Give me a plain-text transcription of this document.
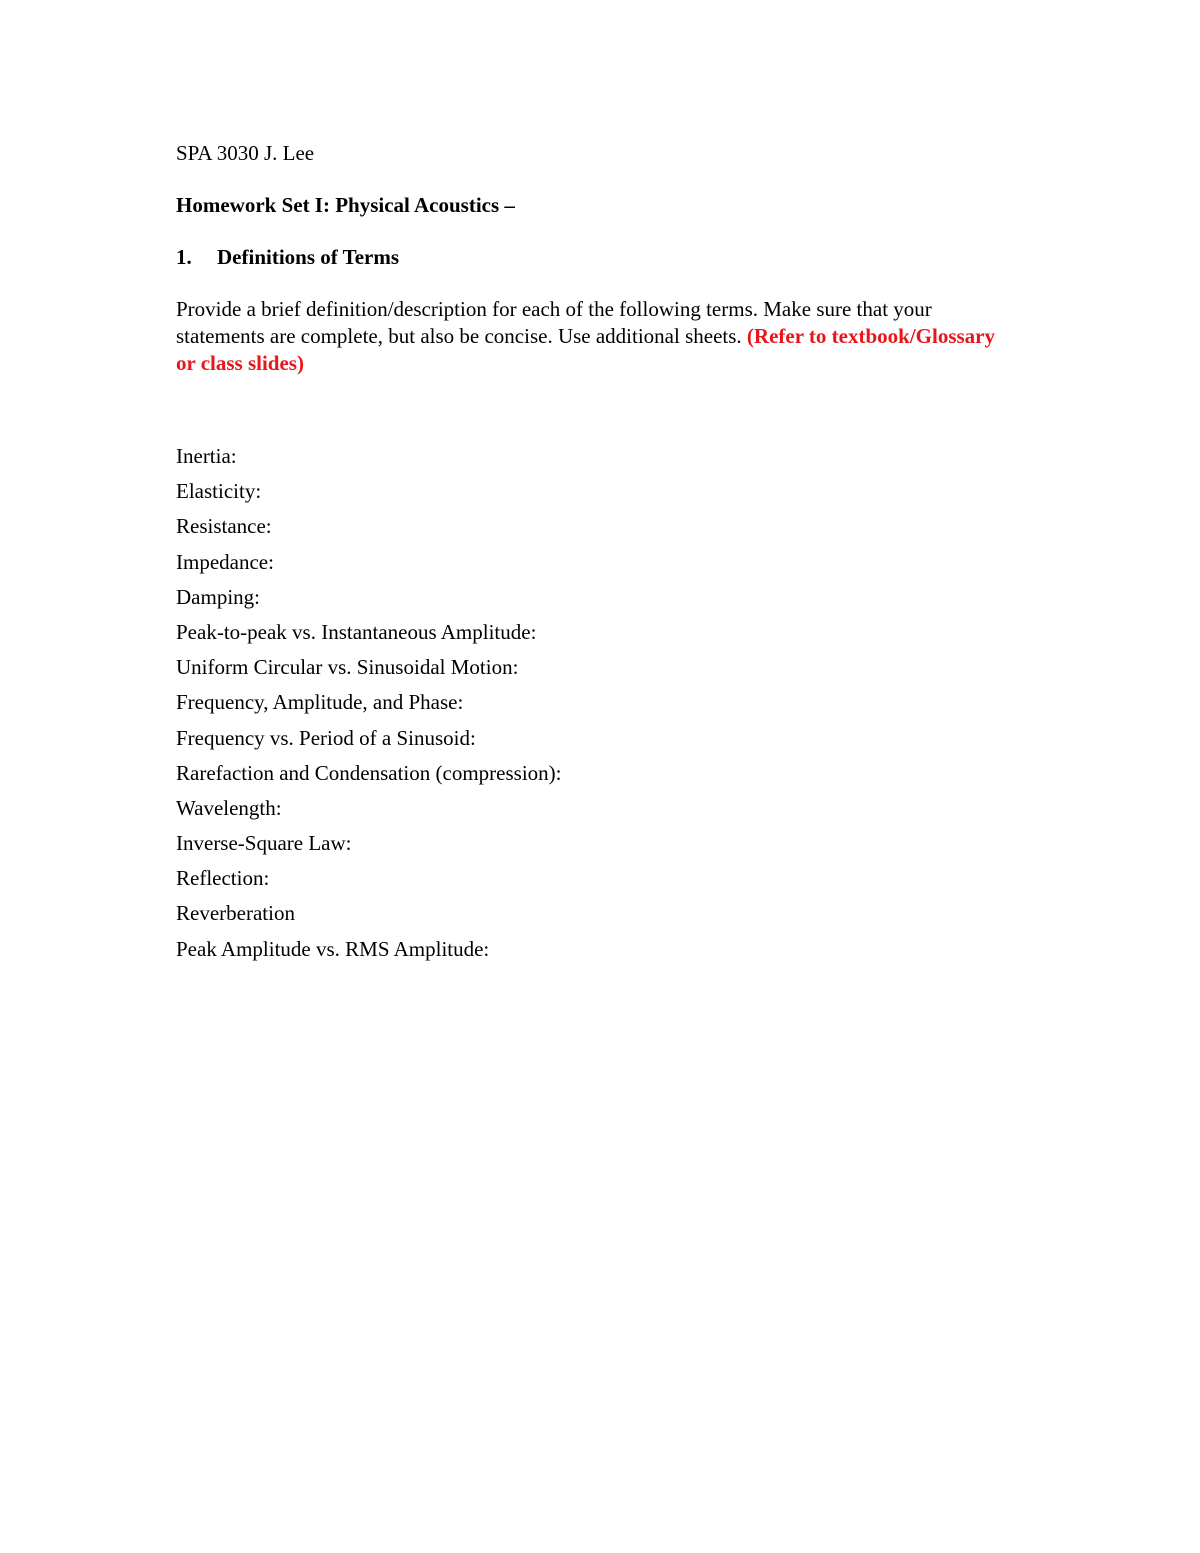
SPA 3030 J. Lee

Homework Set I: Physical Acoustics –

1.	Definitions of Terms

Provide a brief definition/description for each of the following terms. Make sure that your statements are complete, but also be concise. Use additional sheets. (Refer to textbook/Glossary or class slides)

Inertia:
Elasticity:
Resistance:
Impedance:
Damping:
Peak-to-peak vs. Instantaneous Amplitude:
Uniform Circular vs. Sinusoidal Motion:
Frequency, Amplitude, and Phase:
Frequency vs. Period of a Sinusoid:
Rarefaction and Condensation (compression):
Wavelength:
Inverse-Square Law:
Reflection:
Reverberation
Peak Amplitude vs. RMS Amplitude:
